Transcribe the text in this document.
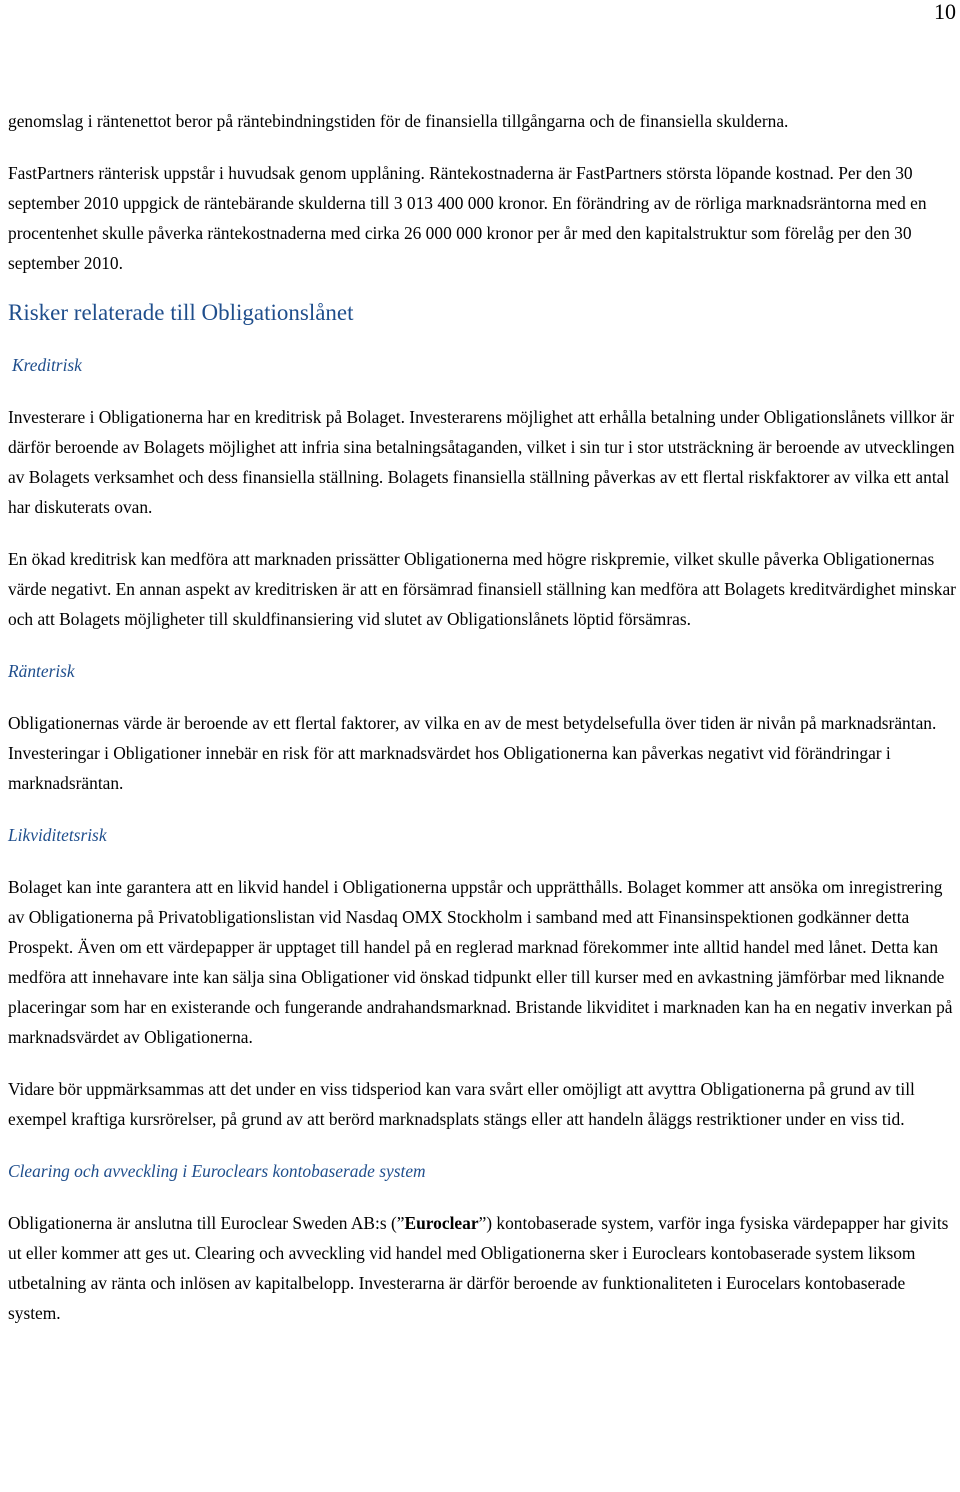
10

genomslag i räntenettot beror på räntebindningstiden för de finansiella tillgångarna och de finansiella skulderna.

FastPartners ränterisk uppstår i huvudsak genom upplåning. Räntekostnaderna är FastPartners största löpande kostnad. Per den 30 september 2010 uppgick de räntebärande skulderna till 3 013 400 000 kronor. En förändring av de rörliga marknadsräntorna med en procentenhet skulle påverka räntekostnaderna med cirka 26 000 000 kronor per år med den kapitalstruktur som förelåg per den 30 september 2010.

Risker relaterade till Obligationslånet
Kreditrisk

Investerare i Obligationerna har en kreditrisk på Bolaget. Investerarens möjlighet att erhålla betalning under Obligationslånets villkor är därför beroende av Bolagets möjlighet att infria sina betalningsåtaganden, vilket i sin tur i stor utsträckning är beroende av utvecklingen av Bolagets verksamhet och dess finansiella ställning. Bolagets finansiella ställning påverkas av ett flertal riskfaktorer av vilka ett antal har diskuterats ovan.

En ökad kreditrisk kan medföra att marknaden prissätter Obligationerna med högre riskpremie, vilket skulle påverka Obligationernas värde negativt. En annan aspekt av kreditrisken är att en försämrad finansiell ställning kan medföra att Bolagets kreditvärdighet minskar och att Bolagets möjligheter till skuldfinansiering vid slutet av Obligationslånets löptid försämras.

Ränterisk

Obligationernas värde är beroende av ett flertal faktorer, av vilka en av de mest betydelsefulla över tiden är nivån på marknadsräntan. Investeringar i Obligationer innebär en risk för att marknadsvärdet hos Obligationerna kan påverkas negativt vid förändringar i marknadsräntan.

Likviditetsrisk

Bolaget kan inte garantera att en likvid handel i Obligationerna uppstår och upprätthålls. Bolaget kommer att ansöka om inregistrering av Obligationerna på Privatobligationslistan vid Nasdaq OMX Stockholm i samband med att Finansinspektionen godkänner detta Prospekt. Även om ett värdepapper är upptaget till handel på en reglerad marknad förekommer inte alltid handel med lånet. Detta kan medföra att innehavare inte kan sälja sina Obligationer vid önskad tidpunkt eller till kurser med en avkastning jämförbar med liknande placeringar som har en existerande och fungerande andrahandsmarknad. Bristande likviditet i marknaden kan ha en negativ inverkan på marknadsvärdet av Obligationerna.

Vidare bör uppmärksammas att det under en viss tidsperiod kan vara svårt eller omöjligt att avyttra Obligationerna på grund av till exempel kraftiga kursrörelser, på grund av att berörd marknadsplats stängs eller att handeln åläggs restriktioner under en viss tid.

Clearing och avveckling i Euroclears kontobaserade system

Obligationerna är anslutna till Euroclear Sweden AB:s (”Euroclear”) kontobaserade system, varför inga fysiska värdepapper har givits ut eller kommer att ges ut. Clearing och avveckling vid handel med Obligationerna sker i Euroclears kontobaserade system liksom utbetalning av ränta och inlösen av kapitalbelopp. Investerarna är därför beroende av funktionaliteten i Eurocelars kontobaserade system.
